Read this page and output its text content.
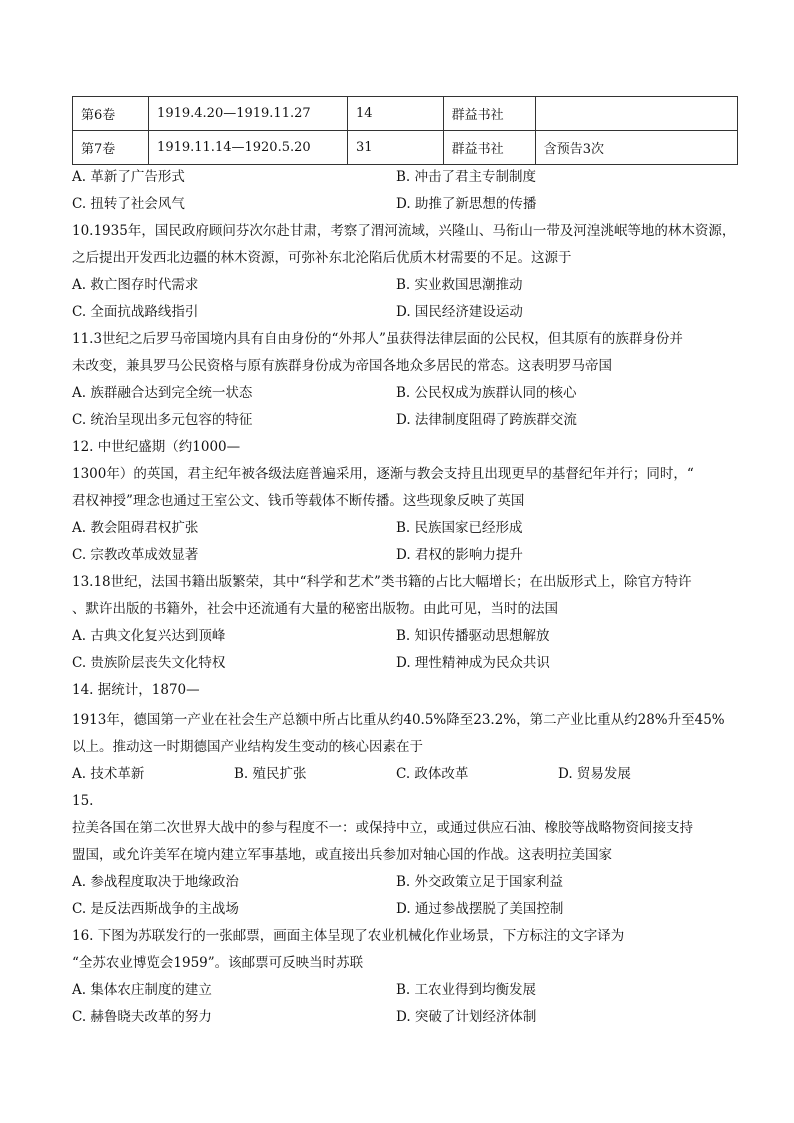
第6卷	1919.4.20—1919.11.27	14	群益书社	
第7卷	1919.11.14—1920.5.20	31	群益书社	含预告3次
A. 革新了广告形式	B. 冲击了君主专制制度
C. 扭转了社会风气	D. 助推了新思想的传播
10.1935年，国民政府顾问芬次尔赴甘肃，考察了渭河流域，兴隆山、马衔山一带及河湟洮岷等地的林木资源，
之后提出开发西北边疆的林木资源，可弥补东北沦陷后优质木材需要的不足。这源于
A. 救亡图存时代需求	B. 实业救国思潮推动
C. 全面抗战路线指引	D. 国民经济建设运动
11.3世纪之后罗马帝国境内具有自由身份的“外邦人”虽获得法律层面的公民权，但其原有的族群身份并
未改变，兼具罗马公民资格与原有族群身份成为帝国各地众多居民的常态。这表明罗马帝国
A. 族群融合达到完全统一状态	B. 公民权成为族群认同的核心
C. 统治呈现出多元包容的特征	D. 法律制度阻碍了跨族群交流
12. 中世纪盛期（约1000—
1300年）的英国，君主纪年被各级法庭普遍采用，逐渐与教会支持且出现更早的基督纪年并行；同时，“
君权神授”理念也通过王室公文、钱币等载体不断传播。这些现象反映了英国
A. 教会阻碍君权扩张	B. 民族国家已经形成
C. 宗教改革成效显著	D. 君权的影响力提升
13.18世纪，法国书籍出版繁荣，其中“科学和艺术”类书籍的占比大幅增长；在出版形式上，除官方特许
、默许出版的书籍外，社会中还流通有大量的秘密出版物。由此可见，当时的法国
A. 古典文化复兴达到顶峰	B. 知识传播驱动思想解放
C. 贵族阶层丧失文化特权	D. 理性精神成为民众共识
14. 据统计，1870—
1913年，德国第一产业在社会生产总额中所占比重从约40.5%降至23.2%，第二产业比重从约28%升至45%
以上。推动这一时期德国产业结构发生变动的核心因素在于
A. 技术革新	B. 殖民扩张	C. 政体改革	D. 贸易发展
15.
拉美各国在第二次世界大战中的参与程度不一：或保持中立，或通过供应石油、橡胶等战略物资间接支持
盟国，或允许美军在境内建立军事基地，或直接出兵参加对轴心国的作战。这表明拉美国家
A. 参战程度取决于地缘政治	B. 外交政策立足于国家利益
C. 是反法西斯战争的主战场	D. 通过参战摆脱了美国控制
16. 下图为苏联发行的一张邮票，画面主体呈现了农业机械化作业场景，下方标注的文字译为
“全苏农业博览会1959”。该邮票可反映当时苏联
A. 集体农庄制度的建立	B. 工农业得到均衡发展
C. 赫鲁晓夫改革的努力	D. 突破了计划经济体制
